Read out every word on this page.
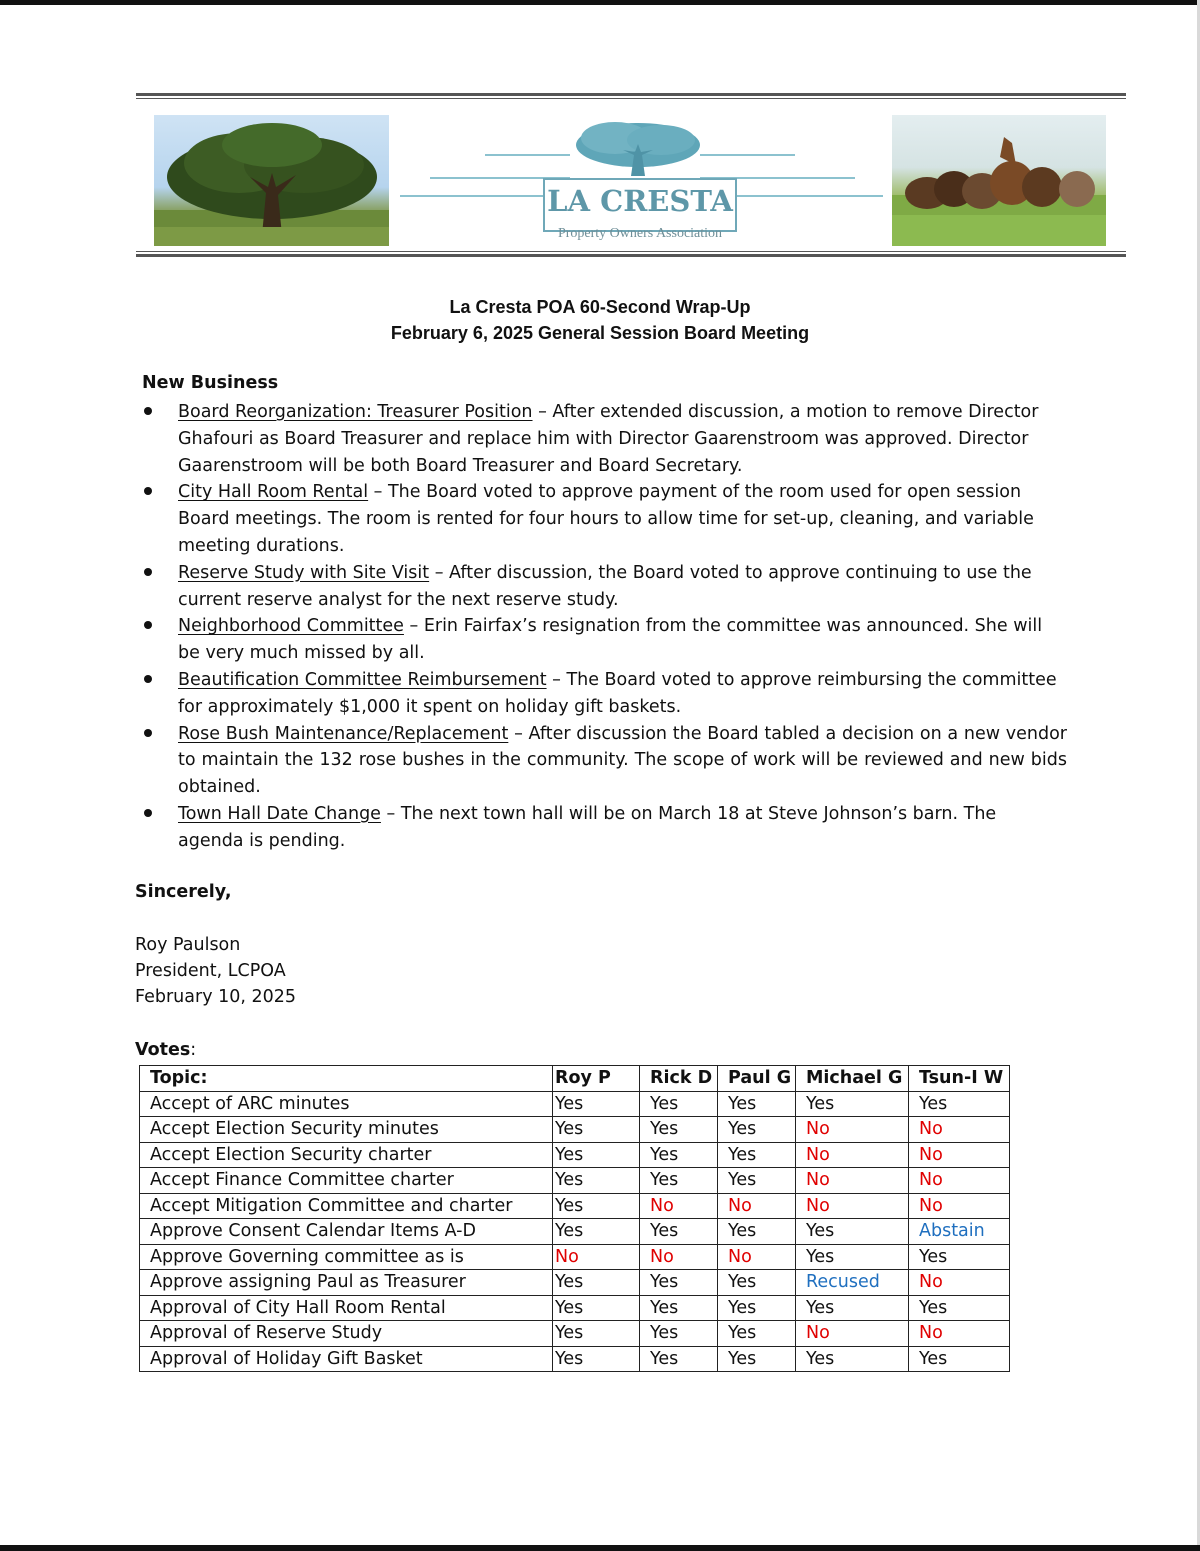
LA CRESTA
Property Owners Association
La Cresta POA 60-Second Wrap-Up
February 6, 2025 General Session Board Meeting
New Business
Board Reorganization: Treasurer Position – After extended discussion, a motion to remove Director Ghafouri as Board Treasurer and replace him with Director Gaarenstroom was approved. Director Gaarenstroom will be both Board Treasurer and Board Secretary.
City Hall Room Rental – The Board voted to approve payment of the room used for open session Board meetings. The room is rented for four hours to allow time for set-up, cleaning, and variable meeting durations.
Reserve Study with Site Visit – After discussion, the Board voted to approve continuing to use the current reserve analyst for the next reserve study.
Neighborhood Committee – Erin Fairfax’s resignation from the committee was announced. She will be very much missed by all.
Beautification Committee Reimbursement – The Board voted to approve reimbursing the committee for approximately $1,000 it spent on holiday gift baskets.
Rose Bush Maintenance/Replacement – After discussion the Board tabled a decision on a new vendor to maintain the 132 rose bushes in the community. The scope of work will be reviewed and new bids obtained.
Town Hall Date Change – The next town hall will be on March 18 at Steve Johnson’s barn. The agenda is pending.
Sincerely,
Roy Paulson
President, LCPOA
February 10, 2025
Votes:
Topic:	Roy P	Rick D	Paul G	Michael G	Tsun-I W
Accept of ARC minutes	Yes	Yes	Yes	Yes	Yes
Accept Election Security minutes	Yes	Yes	Yes	No	No
Accept Election Security charter	Yes	Yes	Yes	No	No
Accept Finance Committee charter	Yes	Yes	Yes	No	No
Accept Mitigation Committee and charter	Yes	No	No	No	No
Approve Consent Calendar Items A-D	Yes	Yes	Yes	Yes	Abstain
Approve Governing committee as is	No	No	No	Yes	Yes
Approve assigning Paul as Treasurer	Yes	Yes	Yes	Recused	No
Approval of City Hall Room Rental	Yes	Yes	Yes	Yes	Yes
Approval of Reserve Study	Yes	Yes	Yes	No	No
Approval of Holiday Gift Basket	Yes	Yes	Yes	Yes	Yes
